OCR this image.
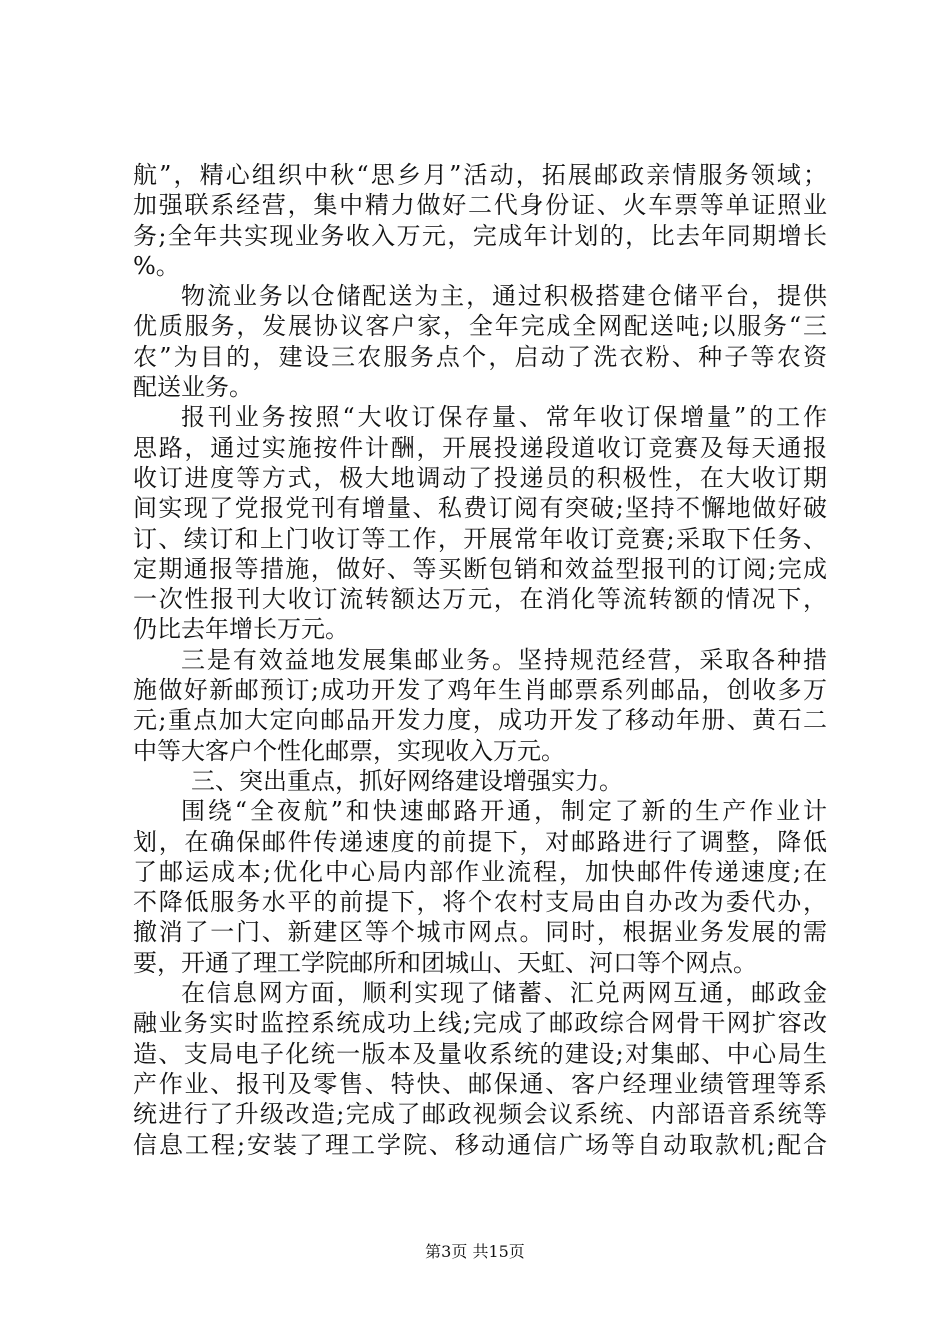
航”，精心组织中秋“思乡月”活动，拓展邮政亲情服务领域；
加强联系经营，集中精力做好二代身份证、火车票等单证照业
务;全年共实现业务收入万元，完成年计划的，比去年同期增长
%。
物流业务以仓储配送为主，通过积极搭建仓储平台，提供
优质服务，发展协议客户家，全年完成全网配送吨;以服务“三
农”为目的，建设三农服务点个，启动了洗衣粉、种子等农资
配送业务。
报刊业务按照“大收订保存量、常年收订保增量”的工作
思路，通过实施按件计酬，开展投递段道收订竞赛及每天通报
收订进度等方式，极大地调动了投递员的积极性，在大收订期
间实现了党报党刊有增量、私费订阅有突破;坚持不懈地做好破
订、续订和上门收订等工作，开展常年收订竞赛;采取下任务、
定期通报等措施，做好、等买断包销和效益型报刊的订阅;完成
一次性报刊大收订流转额达万元，在消化等流转额的情况下，
仍比去年增长万元。
三是有效益地发展集邮业务。坚持规范经营，采取各种措
施做好新邮预订;成功开发了鸡年生肖邮票系列邮品，创收多万
元;重点加大定向邮品开发力度，成功开发了移动年册、黄石二
中等大客户个性化邮票，实现收入万元。
三、突出重点，抓好网络建设增强实力。
围绕“全夜航”和快速邮路开通，制定了新的生产作业计
划，在确保邮件传递速度的前提下，对邮路进行了调整，降低
了邮运成本;优化中心局内部作业流程，加快邮件传递速度;在
不降低服务水平的前提下，将个农村支局由自办改为委代办，
撤消了一门、新建区等个城市网点。同时，根据业务发展的需
要，开通了理工学院邮所和团城山、天虹、河口等个网点。
在信息网方面，顺利实现了储蓄、汇兑两网互通，邮政金
融业务实时监控系统成功上线;完成了邮政综合网骨干网扩容改
造、支局电子化统一版本及量收系统的建设;对集邮、中心局生
产作业、报刊及零售、特快、邮保通、客户经理业绩管理等系
统进行了升级改造;完成了邮政视频会议系统、内部语音系统等
信息工程;安装了理工学院、移动通信广场等自动取款机;配合
第3页 共15页
